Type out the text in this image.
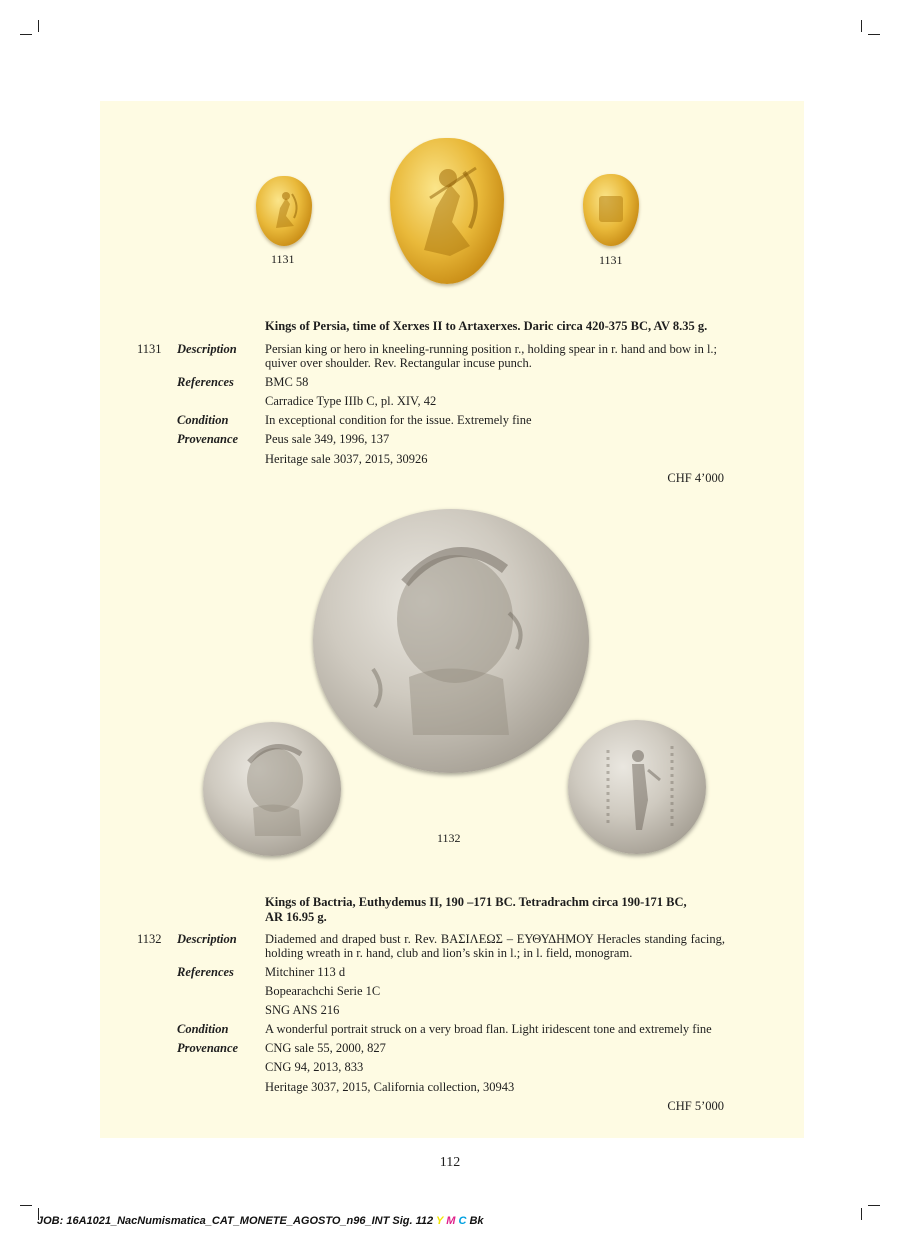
1131	1131
Kings of Persia, time of Xerxes II to Artaxerxes. Daric circa 420-375 BC, AV 8.35 g.
1131 Description Persian king or hero in kneeling-running position r., holding spear in r. hand and bow in l.; quiver over shoulder. Rev. Rectangular incuse punch.
References BMC 58
Carradice Type IIIb C, pl. XIV, 42
Condition	In exceptional condition for the issue. Extremely fine
Provenance Peus sale 349, 1996, 137
Heritage sale 3037, 2015, 30926
CHF 4’000
1132
Kings of Bactria, Euthydemus II, 190 –171 BC. Tetradrachm circa 190-171 BC, AR 16.95 g.
1132 Description Diademed and draped bust r. Rev. ΒΑΣΙΛΕΩΣ – ΕΥΘΥΔΗΜΟΥ Heracles standing facing, holding wreath in r. hand, club and lion’s skin in l.; in l. field, monogram.
References Mitchiner 113 d
Bopearachchi Serie 1C
SNG ANS 216
Condition	A wonderful portrait struck on a very broad flan. Light iridescent tone and extremely fine
Provenance CNG sale 55, 2000, 827
CNG 94, 2013, 833
Heritage 3037, 2015, California collection, 30943
CHF 5’000
112
JOB: 16A1021_NacNumismatica_CAT_MONETE_AGOSTO_n96_INT Sig. 112 Y M C Bk
